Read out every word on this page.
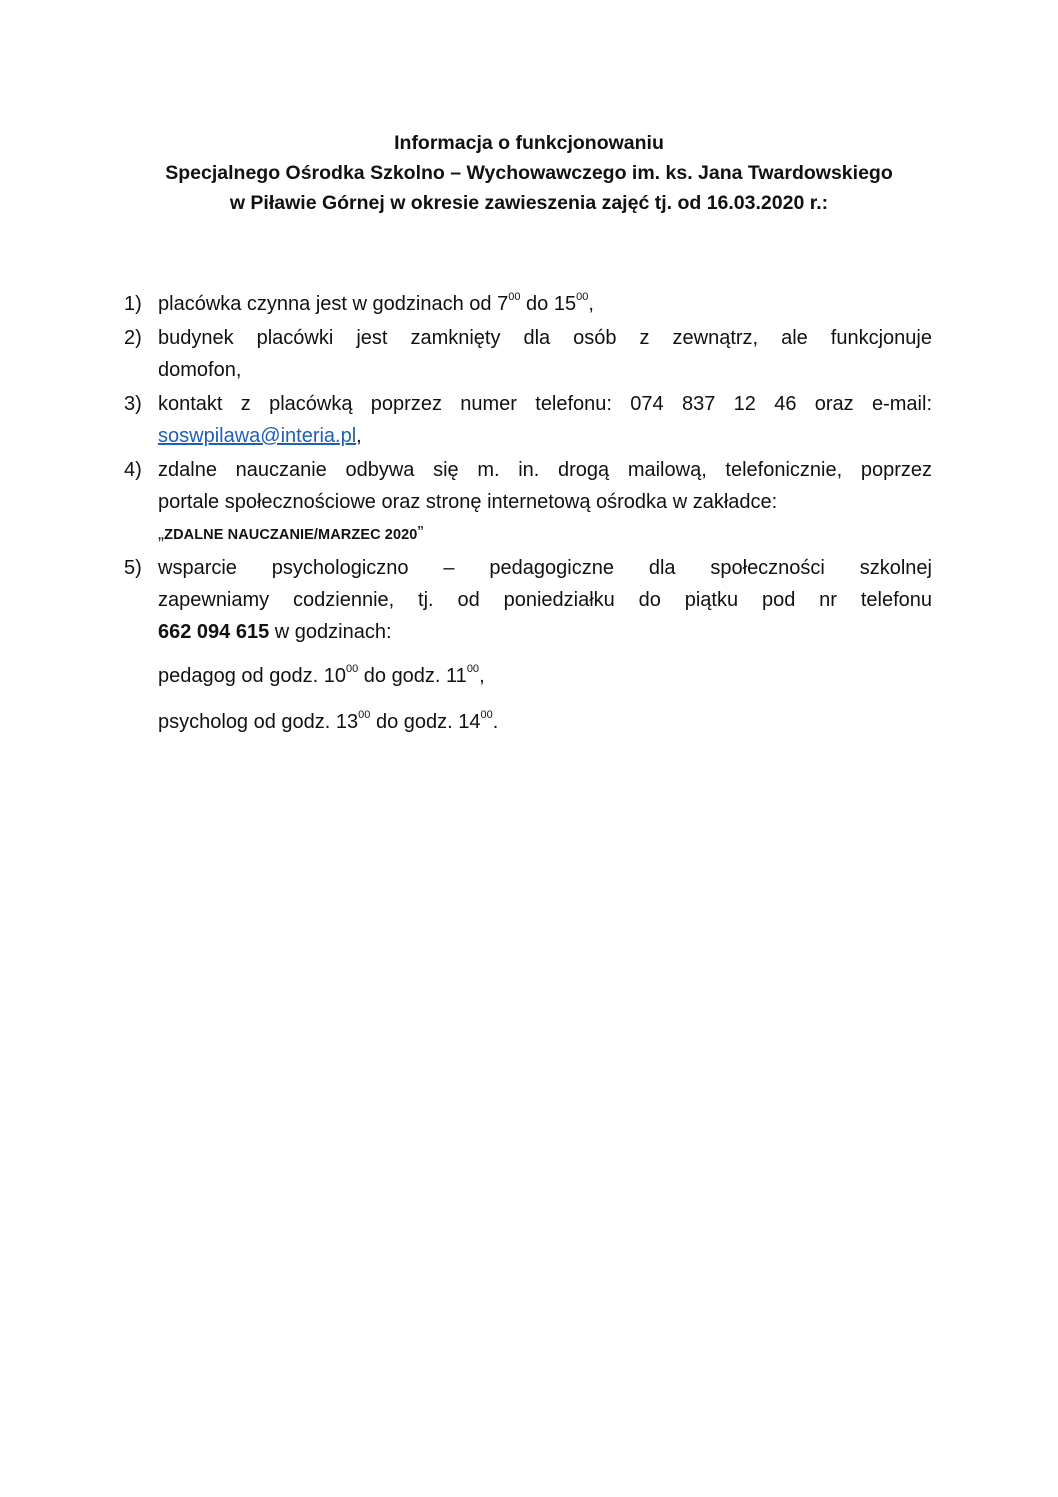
Informacja o funkcjonowaniu
Specjalnego Ośrodka Szkolno – Wychowawczego im. ks. Jana Twardowskiego
w Piławie Górnej w okresie zawieszenia zajęć tj. od 16.03.2020 r.:
1) placówka czynna jest w godzinach od $7^{00}$ do $15^{00}$,
2) budynek placówki jest zamknięty dla osób z zewnątrz, ale funkcjonuje
domofon,
3) kontakt z placówką poprzez numer telefonu: 074 837 12 46 oraz e-mail:
soswpilawa@interia.pl,
4) zdalne nauczanie odbywa się m. in. drogą mailową, telefonicznie, poprzez
portale społecznościowe oraz stronę internetową ośrodka w zakładce:
„ZDALNE NAUCZANIE/MARZEC 2020”
5) wsparcie psychologiczno – pedagogiczne dla społeczności szkolnej
zapewniamy codziennie, tj. od poniedziałku do piątku pod nr telefonu
662 094 615 w godzinach:
pedagog od godz. $10^{00}$ do godz. $11^{00}$,
psycholog od godz. $13^{00}$ do godz. $14^{00}$.
